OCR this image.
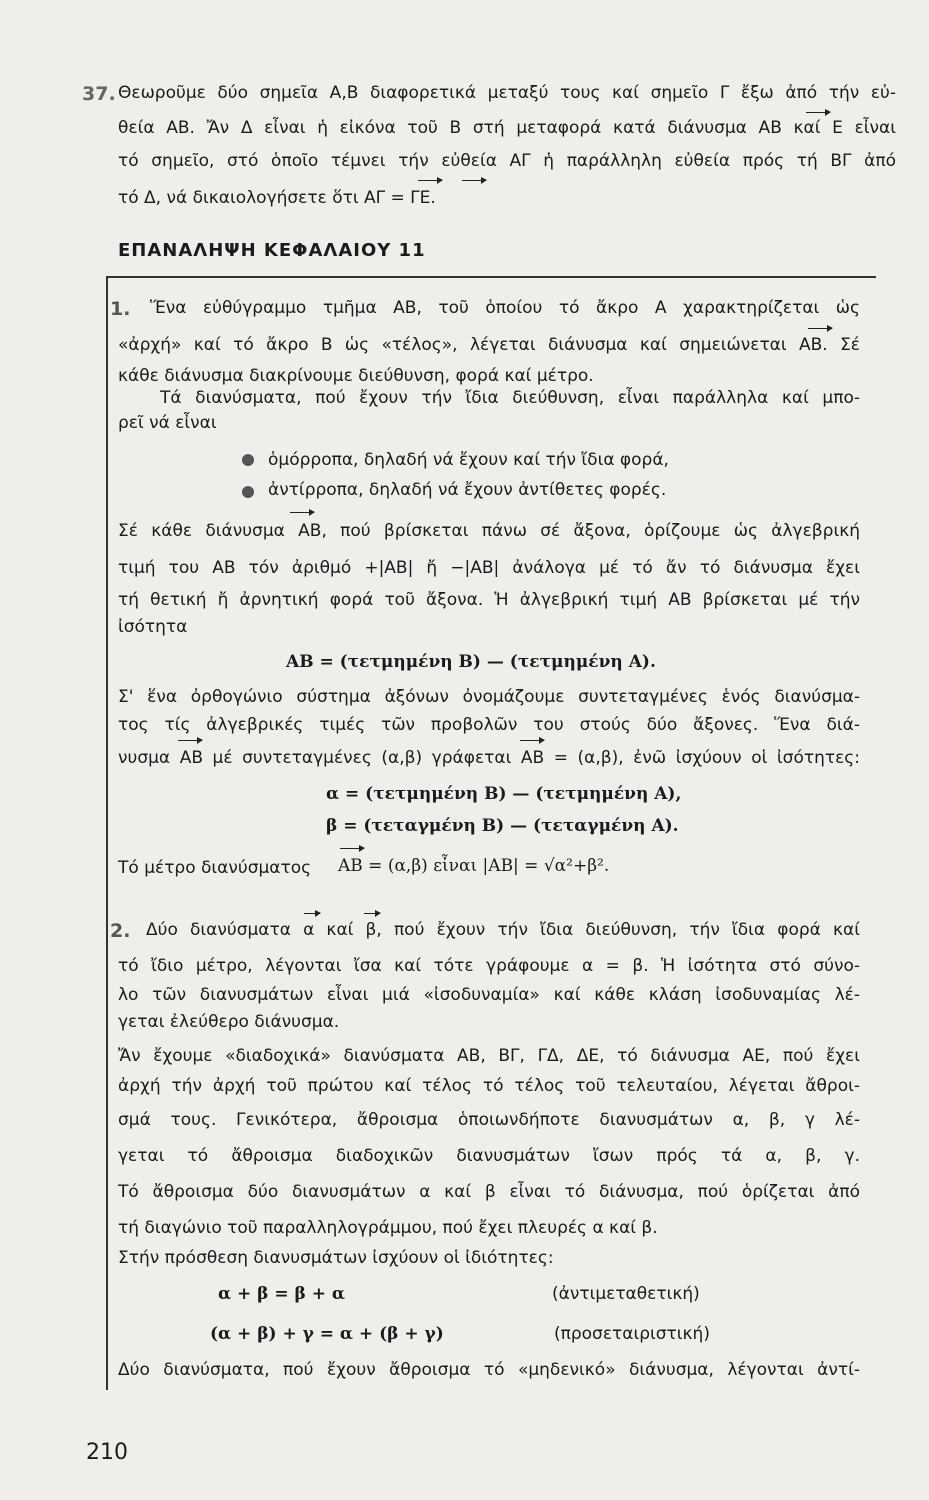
37. Θεωροῦμε δύο σημεῖα Α,Β διαφορετικά μεταξύ τους καί σημεῖο Γ ἔξω ἀπό τήν εὐ-
θεία ΑΒ. Ἄν Δ εἶναι ἡ εἰκόνα τοῦ Β στή μεταφορά κατά διάνυσμα ΑΒ καί Ε εἶναι
τό σημεῖο, στό ὁποῖο τέμνει τήν εὐθεία ΑΓ ἡ παράλληλη εὐθεία πρός τή ΒΓ ἀπό
τό Δ, νά δικαιολογήσετε ὅτι ΑΓ = ΓΕ.
ΕΠΑΝΑΛΗΨΗ ΚΕΦΑΛΑΙΟΥ 11
1. Ἕνα εὐθύγραμμο τμῆμα ΑΒ, τοῦ ὁποίου τό ἄκρο Α χαρακτηρίζεται ὡς
«ἀρχή» καί τό ἄκρο Β ὡς «τέλος», λέγεται διάνυσμα καί σημειώνεται ΑΒ. Σέ
κάθε διάνυσμα διακρίνουμε διεύθυνση, φορά καί μέτρο.
Τά διανύσματα, πού ἔχουν τήν ἴδια διεύθυνση, εἶναι παράλληλα καί μπο-
ρεῖ νά εἶναι
ὁμόρροπα, δηλαδή νά ἔχουν καί τήν ἴδια φορά,
ἀντίρροπα, δηλαδή νά ἔχουν ἀντίθετες φορές.
Σέ κάθε διάνυσμα ΑΒ, πού βρίσκεται πάνω σέ ἄξονα, ὁρίζουμε ὡς ἀλγεβρική
τιμή του ΑΒ τόν ἀριθμό +|ΑΒ| ἤ −|ΑΒ| ἀνάλογα μέ τό ἄν τό διάνυσμα ἔχει
τή θετική ἤ ἀρνητική φορά τοῦ ἄξονα. Ἡ ἀλγεβρική τιμή ΑΒ βρίσκεται μέ τήν
ἰσότητα
ΑΒ = (τετμημένη Β) — (τετμημένη Α).
Σ' ἕνα ὀρθογώνιο σύστημα ἀξόνων ὀνομάζουμε συντεταγμένες ἑνός διανύσμα-
τος τίς ἀλγεβρικές τιμές τῶν προβολῶν του στούς δύο ἄξονες. Ἕνα διά-
νυσμα ΑΒ μέ συντεταγμένες (α,β) γράφεται ΑΒ = (α,β), ἐνῶ ἰσχύουν οἱ ἰσότητες:
α = (τετμημένη Β) — (τετμημένη Α),
β = (τεταγμένη Β) — (τεταγμένη Α).
Τό μέτρο διανύσματος ΑΒ = (α,β) εἶναι |ΑΒ| = √α²+β².
2. Δύο διανύσματα α καί β, πού ἔχουν τήν ἴδια διεύθυνση, τήν ἴδια φορά καί
τό ἴδιο μέτρο, λέγονται ἴσα καί τότε γράφουμε α = β. Ἡ ἰσότητα στό σύνο-
λο τῶν διανυσμάτων εἶναι μιά «ἰσοδυναμία» καί κάθε κλάση ἰσοδυναμίας λέ-
γεται ἐλεύθερο διάνυσμα.
Ἄν ἔχουμε «διαδοχικά» διανύσματα ΑΒ, ΒΓ, ΓΔ, ΔΕ, τό διάνυσμα ΑΕ, πού ἔχει
ἀρχή τήν ἀρχή τοῦ πρώτου καί τέλος τό τέλος τοῦ τελευταίου, λέγεται ἄθροι-
σμά τους. Γενικότερα, ἄθροισμα ὁποιωνδήποτε διανυσμάτων α, β, γ λέ-
γεται τό ἄθροισμα διαδοχικῶν διανυσμάτων ἴσων πρός τά α, β, γ.
Τό ἄθροισμα δύο διανυσμάτων α καί β εἶναι τό διάνυσμα, πού ὁρίζεται ἀπό
τή διαγώνιο τοῦ παραλληλογράμμου, πού ἔχει πλευρές α καί β.
Στήν πρόσθεση διανυσμάτων ἰσχύουν οἱ ἰδιότητες:
α + β = β + α	(ἀντιμεταθετική)
(α + β) + γ = α + (β + γ)	(προσεταιριστική)
Δύο διανύσματα, πού ἔχουν ἄθροισμα τό «μηδενικό» διάνυσμα, λέγονται ἀντί-
210
